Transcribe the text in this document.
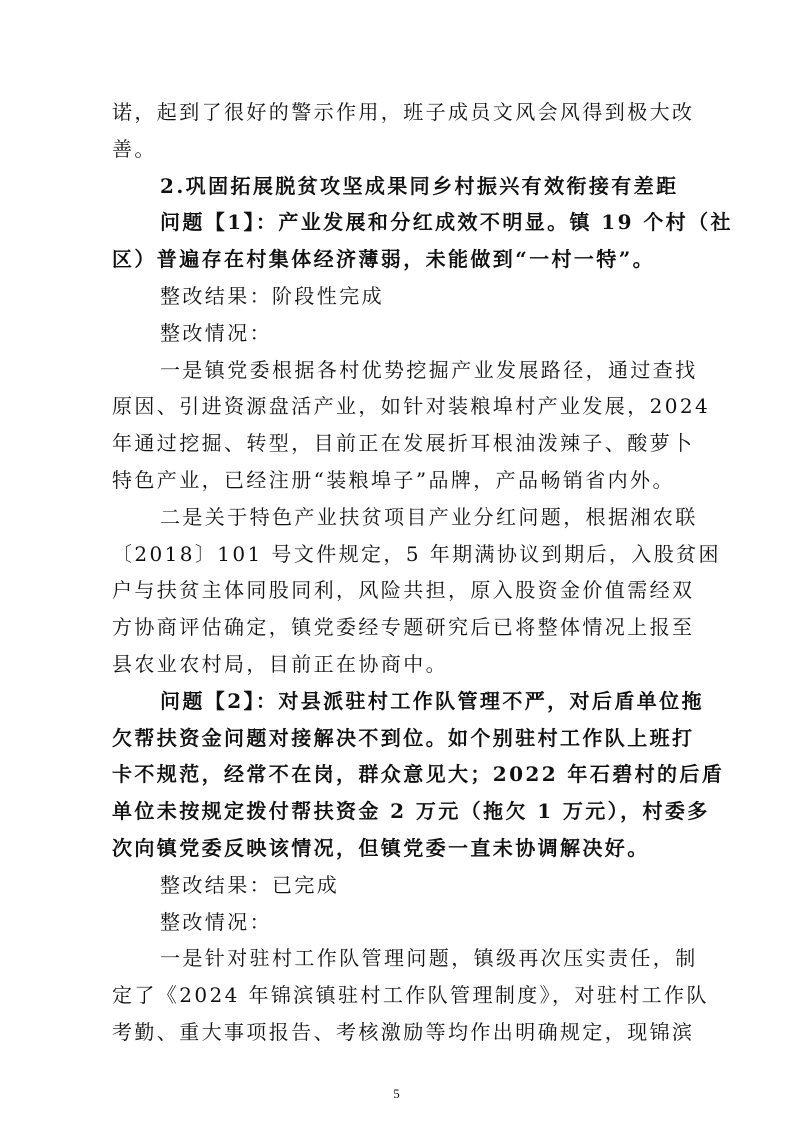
诺，起到了很好的警示作用，班子成员文风会风得到极大改
善。
2.巩固拓展脱贫攻坚成果同乡村振兴有效衔接有差距
问题【1】：产业发展和分红成效不明显。镇 19 个村（社
区）普遍存在村集体经济薄弱，未能做到“一村一特”。
整改结果：阶段性完成
整改情况：
一是镇党委根据各村优势挖掘产业发展路径，通过查找
原因、引进资源盘活产业，如针对装粮埠村产业发展，2024
年通过挖掘、转型，目前正在发展折耳根油泼辣子、酸萝卜
特色产业，已经注册“装粮埠子”品牌，产品畅销省内外。
二是关于特色产业扶贫项目产业分红问题，根据湘农联
〔2018〕101 号文件规定，5 年期满协议到期后，入股贫困
户与扶贫主体同股同利，风险共担，原入股资金价值需经双
方协商评估确定，镇党委经专题研究后已将整体情况上报至
县农业农村局，目前正在协商中。
问题【2】：对县派驻村工作队管理不严，对后盾单位拖
欠帮扶资金问题对接解决不到位。如个别驻村工作队上班打
卡不规范，经常不在岗，群众意见大；2022 年石碧村的后盾
单位未按规定拨付帮扶资金 2 万元（拖欠 1 万元），村委多
次向镇党委反映该情况，但镇党委一直未协调解决好。
整改结果：已完成
整改情况：
一是针对驻村工作队管理问题，镇级再次压实责任，制
定了《2024 年锦滨镇驻村工作队管理制度》，对驻村工作队
考勤、重大事项报告、考核激励等均作出明确规定，现锦滨
5
